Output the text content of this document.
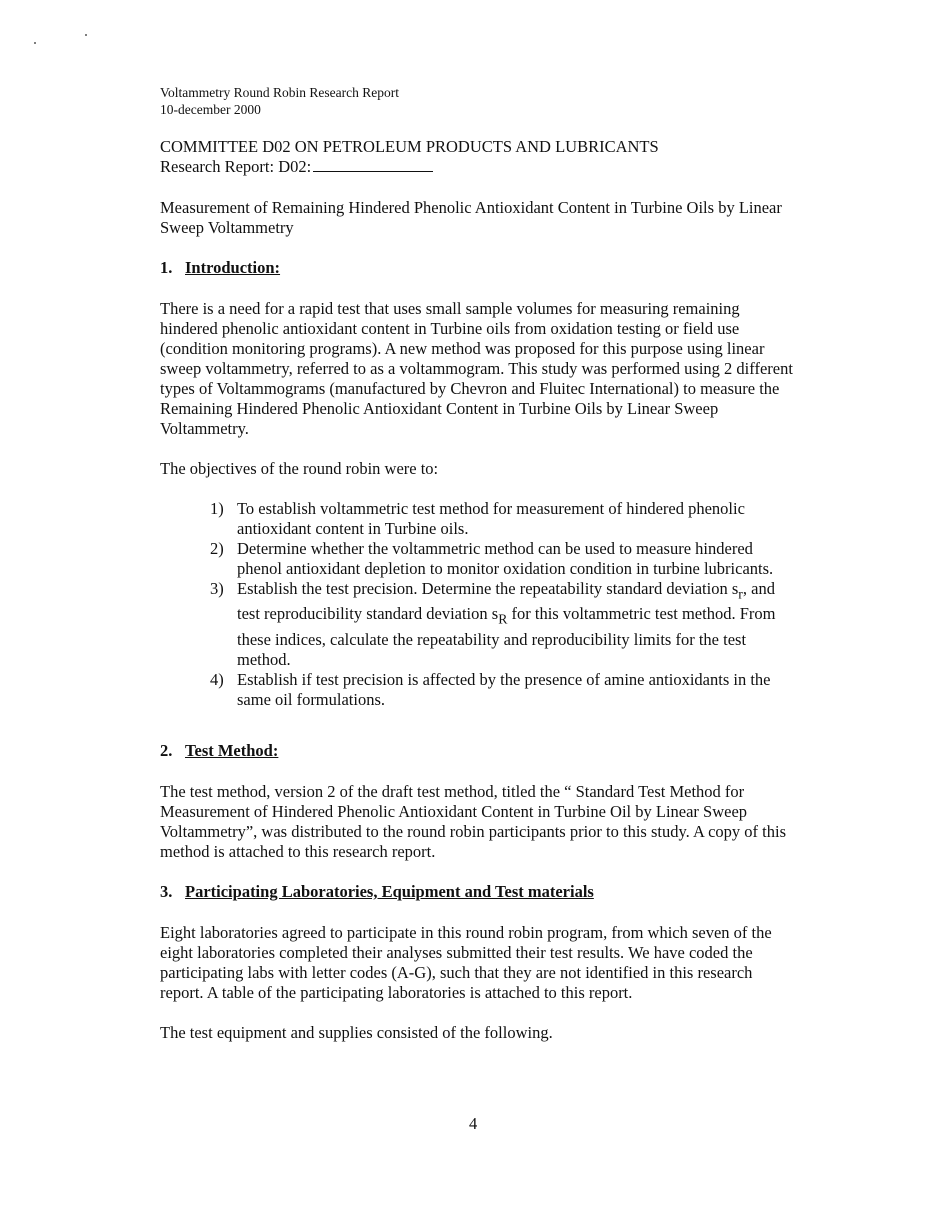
Voltammetry Round Robin Research Report
10-december 2000
COMMITTEE D02 ON PETROLEUM PRODUCTS AND LUBRICANTS
Research Report: D02:
Measurement of Remaining Hindered Phenolic Antioxidant Content in Turbine Oils by Linear Sweep Voltammetry
1. Introduction:
There is a need for a rapid test that uses small sample volumes for measuring remaining hindered phenolic antioxidant content in Turbine oils from oxidation testing or field use (condition monitoring programs). A new method was proposed for this purpose using linear sweep voltammetry, referred to as a voltammogram. This study was performed using 2 different types of Voltammograms (manufactured by Chevron and Fluitec International) to measure the Remaining Hindered Phenolic Antioxidant Content in Turbine Oils by Linear Sweep Voltammetry.
The objectives of the round robin were to:
1) To establish voltammetric test method for measurement of hindered phenolic antioxidant content in Turbine oils.
2) Determine whether the voltammetric method can be used to measure hindered phenol antioxidant depletion to monitor oxidation condition in turbine lubricants.
3) Establish the test precision. Determine the repeatability standard deviation $s_r$, and test reproducibility standard deviation $s_R$ for this voltammetric test method. From these indices, calculate the repeatability and reproducibility limits for the test method.
4) Establish if test precision is affected by the presence of amine antioxidants in the same oil formulations.
2. Test Method:
The test method, version 2 of the draft test method, titled the “ Standard Test Method for Measurement of Hindered Phenolic Antioxidant Content in Turbine Oil by Linear Sweep Voltammetry”, was distributed to the round robin participants prior to this study. A copy of this method is attached to this research report.
3. Participating Laboratories, Equipment and Test materials
Eight laboratories agreed to participate in this round robin program, from which seven of the eight laboratories completed their analyses submitted their test results. We have coded the participating labs with letter codes (A-G), such that they are not identified in this research report. A table of the participating laboratories is attached to this report.
The test equipment and supplies consisted of the following.
4
